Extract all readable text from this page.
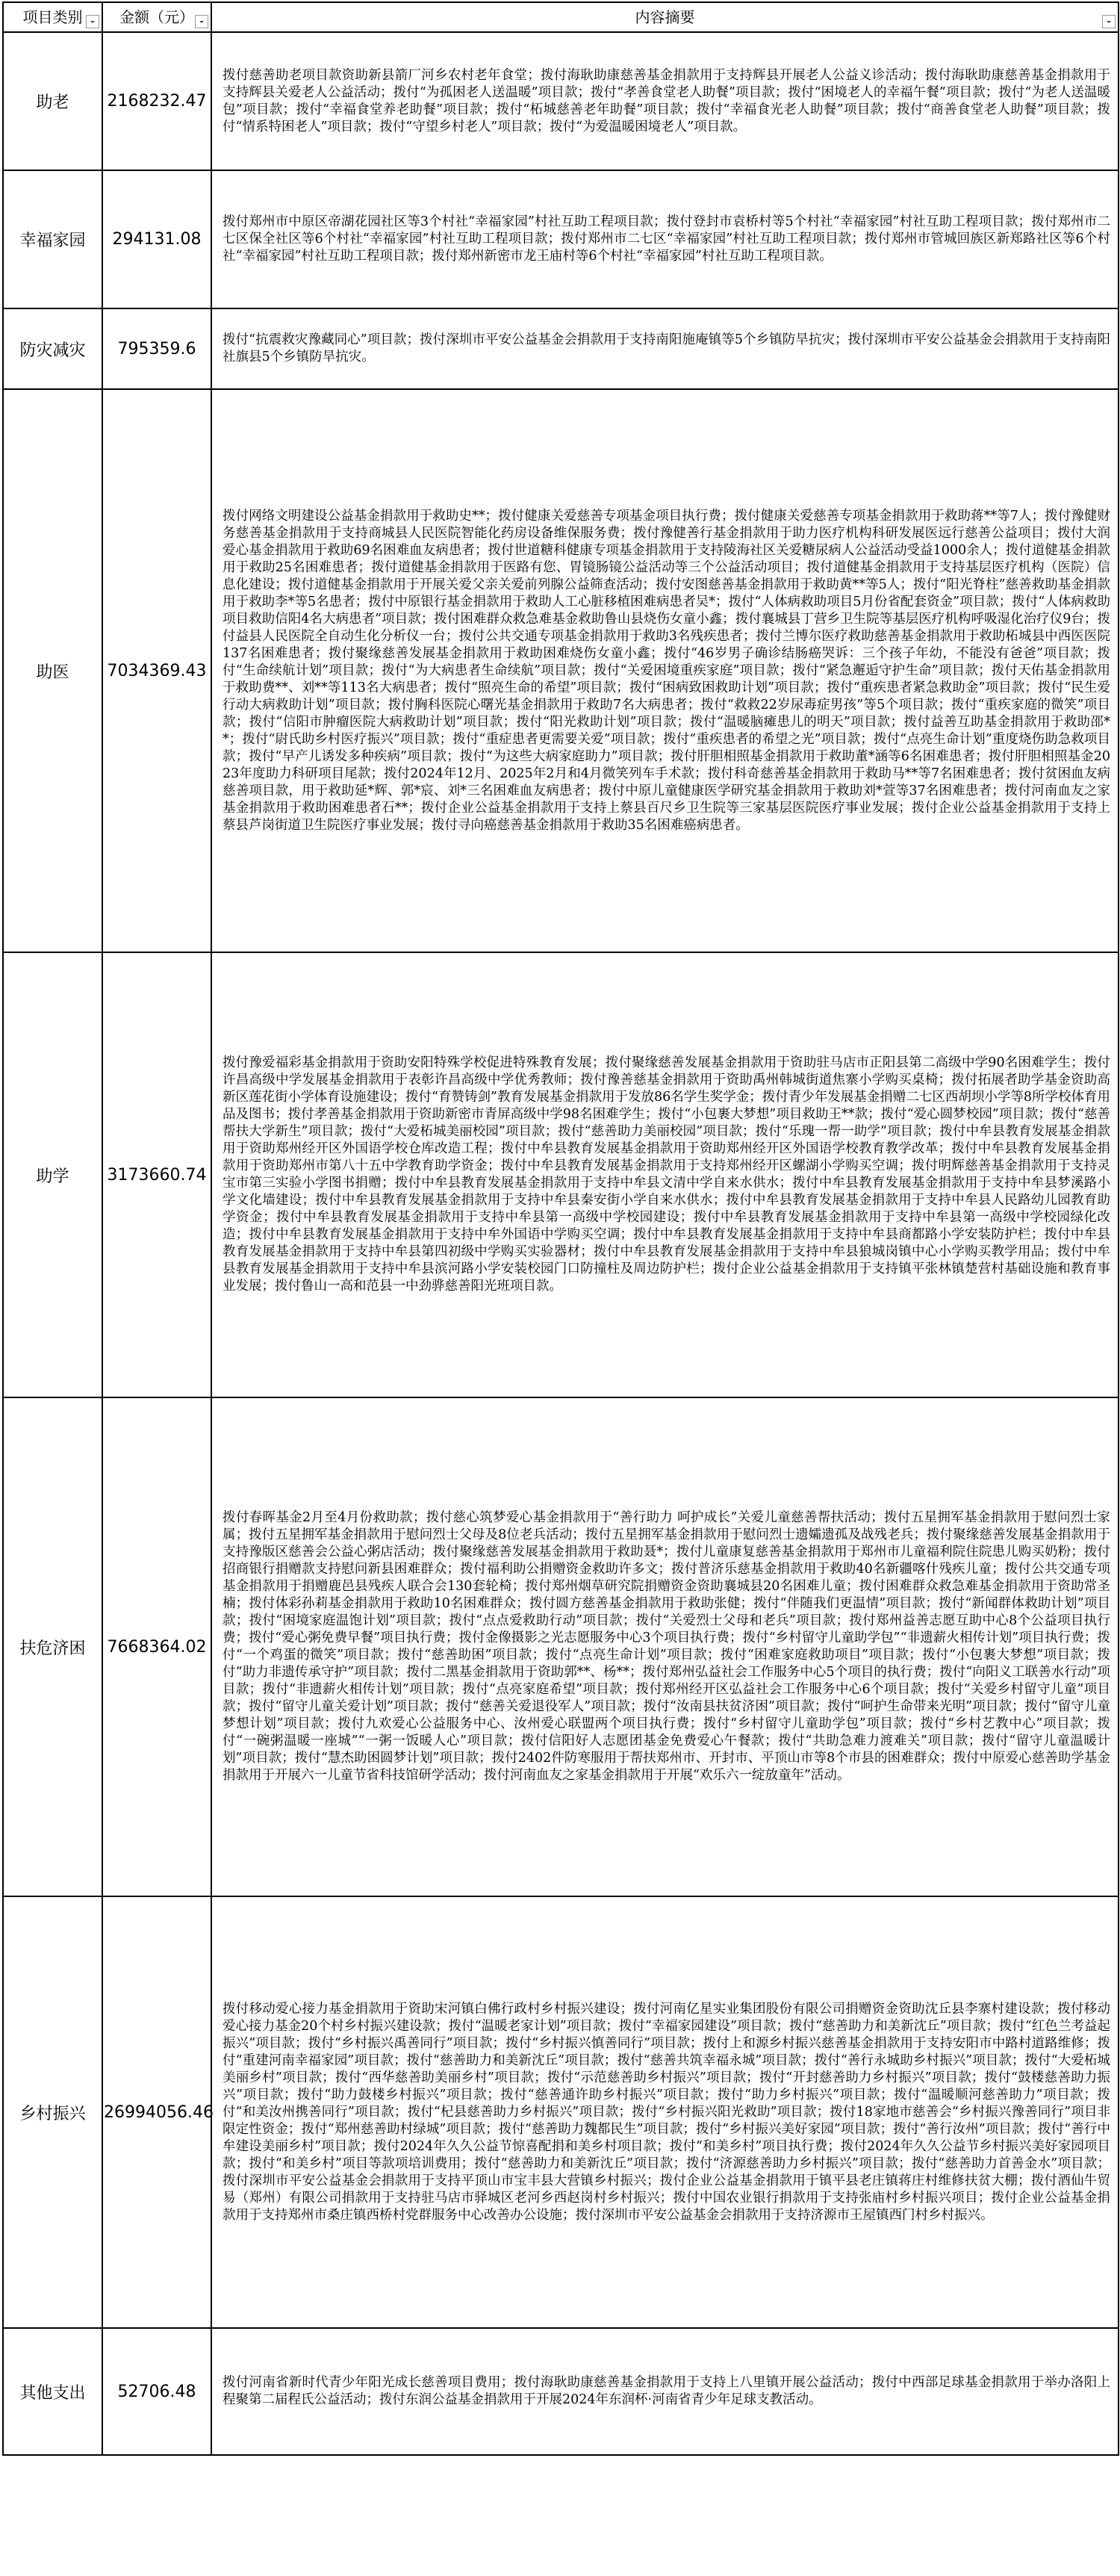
项目类别	金额（元）	内容摘要

助老	2168232.47	拨付慈善助老项目款资助新县箭厂河乡农村老年食堂；拨付海耿助康慈善基金捐款用于支持辉县开展老人公益义诊活动；拨付海耿助康慈善基金捐款用于支持辉县关爱老人公益活动；拨付“为孤困老人送温暖”项目款；拨付“孝善食堂老人助餐”项目款；拨付“困境老人的幸福午餐”项目款；拨付“为老人送温暖包”项目款；拨付“幸福食堂养老助餐”项目款；拨付“柘城慈善老年助餐”项目款；拨付“幸福食光老人助餐”项目款；拨付“商善食堂老人助餐”项目款；拨付“情系特困老人”项目款；拨付“守望乡村老人”项目款；拨付“为爱温暖困境老人”项目款。

幸福家园	294131.08	拨付郑州市中原区帝湖花园社区等3个村社“幸福家园”村社互助工程项目款；拨付登封市袁桥村等5个村社“幸福家园”村社互助工程项目款；拨付郑州市二七区保全社区等6个村社“幸福家园”村社互助工程项目款；拨付郑州市二七区“幸福家园”村社互助工程项目款；拨付郑州市管城回族区新郑路社区等6个村社“幸福家园”村社互助工程项目款；拨付郑州新密市龙王庙村等6个村社“幸福家园”村社互助工程项目款。

防灾减灾	795359.6	拨付“抗震救灾豫藏同心”项目款；拨付深圳市平安公益基金会捐款用于支持南阳施庵镇等5个乡镇防旱抗灾；拨付深圳市平安公益基金会捐款用于支持南阳社旗县5个乡镇防旱抗灾。

助医	7034369.43	拨付网络文明建设公益基金捐款用于救助史**；拨付健康关爱慈善专项基金项目执行费；拨付健康关爱慈善专项基金捐款用于救助蒋**等7人；拨付豫健财务慈善基金捐款用于支持商城县人民医院智能化药房设备维保服务费；拨付豫健善行基金捐款用于助力医疗机构科研发展医远行慈善公益项目；拨付大润爱心基金捐款用于救助69名困难血友病患者；拨付世道糖科健康专项基金捐款用于支持陵海社区关爱糖尿病人公益活动受益1000余人；拨付道健基金捐款用于救助25名困难患者；拨付道健基金捐款用于医路有您、胃镜肠镜公益活动等三个公益活动项目；拨付道健基金捐款用于支持基层医疗机构（医院）信息化建设；拨付道健基金捐款用于开展关爱父亲关爱前列腺公益筛查活动；拨付安图慈善基金捐款用于救助黄**等5人；拨付“阳光脊柱”慈善救助基金捐款用于救助李*等5名患者；拨付中原银行基金捐款用于救助人工心脏移植困难病患者吴*；拨付“人体病救助项目5月份省配套资金”项目款；拨付“人体病救助项目救助信阳4名大病患者”项目款；拨付困难群众救急难基金救助鲁山县烧伤女童小鑫；拨付襄城县丁营乡卫生院等基层医疗机构呼吸湿化治疗仪9台；拨付益县人民医院全自动生化分析仪一台；拨付公共交通专项基金捐款用于救助3名残疾患者；拨付兰博尔医疗救助慈善基金捐款用于救助柘城县中西医医院137名困难患者；拨付聚缘慈善发展基金捐款用于救助困难烧伤女童小鑫；拨付“46岁男子确诊结肠癌哭诉：三个孩子年幼，不能没有爸爸”项目款；拨付“生命续航计划”项目款；拨付“为大病患者生命续航”项目款；拨付“关爱困境重疾家庭”项目款；拨付“紧急邂逅守护生命”项目款；拨付天佑基金捐款用于救助费**、刘**等113名大病患者；拨付“照亮生命的希望”项目款；拨付“困病致困救助计划”项目款；拨付“重疾患者紧急救助金”项目款；拨付“民生爱行动大病救助计划”项目款；拨付胸科医院心曙光基金捐款用于救助7名大病患者；拨付“救救22岁尿毒症男孩”等5个项目款；拨付“重疾家庭的微笑”项目款；拨付“信阳市肿瘤医院大病救助计划”项目款；拨付“阳光救助计划”项目款；拨付“温暖脑瘫患儿的明天”项目款；拨付益善互助基金捐款用于救助邵**；拨付“尉氏助乡村医疗振兴”项目款；拨付“重症患者更需要关爱”项目款；拨付“重疾患者的希望之光”项目款；拨付“点亮生命计划”重度烧伤助急救项目款；拨付“早产儿诱发多种疾病”项目款；拨付“为这些大病家庭助力”项目款；拨付肝胆相照基金捐款用于救助董*涵等6名困难患者；拨付肝胆相照基金2023年度助力科研项目尾款；拨付2024年12月、2025年2月和4月微笑列车手术款；拨付科奇慈善基金捐款用于救助马**等7名困难患者；拨付贫困血友病慈善项目款，用于救助延*辉、郭*宸、刘*三名困难血友病患者；拨付中原儿童健康医学研究基金捐款用于救助刘*萱等37名困难患者；拨付河南血友之家基金捐款用于救助困难患者石**；拨付企业公益基金捐款用于支持上蔡县百尺乡卫生院等三家基层医院医疗事业发展；拨付企业公益基金捐款用于支持上蔡县芦岗街道卫生院医疗事业发展；拨付寻向癌慈善基金捐款用于救助35名困难癌病患者。

助学	3173660.74	拨付豫爱福彩基金捐款用于资助安阳特殊学校促进特殊教育发展；拨付聚缘慈善发展基金捐款用于资助驻马店市正阳县第二高级中学90名困难学生；拨付许昌高级中学发展基金捐款用于表彰许昌高级中学优秀教师；拨付豫善慈基金捐款用于资助禹州韩城街道焦寨小学购买桌椅；拨付拓展者助学基金资助高新区莲花街小学体育设施建设；拨付“育赞铸剑”教育发展基金捐款用于发放86名学生奖学金；拨付青少年发展基金捐赠二七区西胡坝小学等8所学校体育用品及图书；拨付孝善基金捐款用于资助新密市青屏高级中学98名困难学生；拨付“小包裹大梦想”项目救助王**款；拨付“爱心圆梦校园”项目款；拨付“慈善帮扶大学新生”项目款；拨付“大爱柘城美丽校园”项目款；拨付“慈善助力美丽校园”项目款；拨付“乐瑰一帮一助学”项目款；拨付中牟县教育发展基金捐款用于资助郑州经开区外国语学校仓库改造工程；拨付中牟县教育发展基金捐款用于资助郑州经开区外国语学校教育教学改革；拨付中牟县教育发展基金捐款用于资助郑州市第八十五中学教育助学资金；拨付中牟县教育发展基金捐款用于支持郑州经开区螺湖小学购买空调；拨付明辉慈善基金捐款用于支持灵宝市第三实验小学图书捐赠；拨付中牟县教育发展基金捐款用于支持中牟县文清中学自来水供水；拨付中牟县教育发展基金捐款用于支持中牟县梦溪路小学文化墙建设；拨付中牟县教育发展基金捐款用于支持中牟县秦安街小学自来水供水；拨付中牟县教育发展基金捐款用于支持中牟县人民路幼儿园教育助学资金；拨付中牟县教育发展基金捐款用于支持中牟县第一高级中学校园建设；拨付中牟县教育发展基金捐款用于支持中牟县第一高级中学校园绿化改造；拨付中牟县教育发展基金捐款用于支持中牟外国语中学购买空调；拨付中牟县教育发展基金捐款用于支持中牟县商都路小学安装防护栏；拨付中牟县教育发展基金捐款用于支持中牟县第四初级中学购买实验器材；拨付中牟县教育发展基金捐款用于支持中牟县狼城岗镇中心小学购买教学用品；拨付中牟县教育发展基金捐款用于支持中牟县滨河路小学安装校园门口防撞柱及周边防护栏；拨付企业公益基金捐款用于支持镇平张林镇楚营村基础设施和教育事业发展；拨付鲁山一高和范县一中劲骅慈善阳光班项目款。

扶危济困	7668364.02	拨付春晖基金2月至4月份救助款；拨付慈心筑梦爱心基金捐款用于“善行助力 呵护成长”关爱儿童慈善帮扶活动；拨付五星拥军基金捐款用于慰问烈士家属；拨付五星拥军基金捐款用于慰问烈士父母及8位老兵活动；拨付五星拥军基金捐款用于慰问烈士遗孀遗孤及战残老兵；拨付聚缘慈善发展基金捐款用于支持豫版区慈善会公益心粥店活动；拨付聚缘慈善发展基金捐款用于救助聂*；拨付儿童康复慈善基金捐款用于郑州市儿童福利院住院患儿购买奶粉；拨付招商银行捐赠款支持慰问新县困难群众；拨付福利助公捐赠资金救助许多文；拨付普济乐慈基金捐款用于救助40名新疆喀什残疾儿童；拨付公共交通专项基金捐款用于捐赠鹿邑县残疾人联合会130套轮椅；拨付郑州烟草研究院捐赠资金资助襄城县20名困难儿童；拨付困难群众救急难基金捐款用于资助常圣楠；拨付体彩孙莉基金捐款用于救助10名困难群众；拨付圆方慈善基金捐款用于救助张健；拨付“伴随我们更温情”项目款；拨付“新闻群体救助计划”项目款；拨付“困境家庭温饱计划”项目款；拨付“点点爱救助行动”项目款；拨付“关爱烈士父母和老兵”项目款；拨付郑州益善志愿互助中心8个公益项目执行费；拨付“爱心粥免费早餐”项目执行费；拨付金像摄影之光志愿服务中心3个项目执行费；拨付“乡村留守儿童助学包”“非遗薪火相传计划”项目执行费；拨付“一个鸡蛋的微笑”项目款；拨付“慈善助困”项目款；拨付“点亮生命计划”项目款；拨付“困难家庭救助项目”项目款；拨付“小包裹大梦想”项目款；拨付“助力非遗传承守护”项目款；拨付二黑基金捐款用于资助郭**、杨**；拨付郑州弘益社会工作服务中心5个项目的执行费；拨付“向阳义工联善水行动”项目款；拨付“非遗薪火相传计划”项目款；拨付“点亮家庭希望”项目款；拨付郑州经开区弘益社会工作服务中心6个项目款；拨付“关爱乡村留守儿童”项目款；拨付“留守儿童关爱计划”项目款；拨付“慈善关爱退役军人”项目款；拨付“汝南县扶贫济困”项目款；拨付“呵护生命带来光明”项目款；拨付“留守儿童梦想计划”项目款；拨付九欢爱心公益服务中心、汝州爱心联盟两个项目执行费；拨付“乡村留守儿童助学包”项目款；拨付“乡村艺教中心”项目款；拨付“一碗粥温暖一座城”“一粥一饭暖人心”项目款；拨付信阳好人志愿团基金免费爱心午餐款；拨付“共助急难力渡难关”项目款；拨付“留守儿童温暖计划”项目款；拨付“慧杰助困圆梦计划”项目款；拨付2402件防寒服用于帮扶郑州市、开封市、平顶山市等8个市县的困难群众；拨付中原爱心慈善助学基金捐款用于开展六一儿童节省科技馆研学活动；拨付河南血友之家基金捐款用于开展“欢乐六一绽放童年”活动。

乡村振兴	26994056.46	拨付移动爱心接力基金捐款用于资助宋河镇白佛行政村乡村振兴建设；拨付河南亿星实业集团股份有限公司捐赠资金资助沈丘县李寨村建设款；拨付移动爱心接力基金20个村乡村振兴建设款；拨付“温暖老家计划”项目款；拨付“幸福家园建设”项目款；拨付“慈善助力和美新沈丘”项目款；拨付“红色兰考益起振兴”项目款；拨付“乡村振兴禹善同行”项目款；拨付“乡村振兴慎善同行”项目款；拨付上和源乡村振兴慈善基金捐款用于支持安阳市中路村道路维修；拨付“重建河南幸福家园”项目款；拨付“慈善助力和美新沈丘”项目款；拨付“慈善共筑幸福永城”项目款；拨付“善行永城助乡村振兴”项目款；拨付“大爱柘城美丽乡村”项目款；拨付“西华慈善助美丽乡村”项目款；拨付“示范慈善助乡村振兴”项目款；拨付“开封慈善助力乡村振兴”项目款；拨付“鼓楼慈善助力振兴”项目款；拨付“助力鼓楼乡村振兴”项目款；拨付“慈善通许助乡村振兴”项目款；拨付“助力乡村振兴”项目款；拨付“温暖顺河慈善助力”项目款；拨付“和美汝州携善同行”项目款；拨付“杞县慈善助力乡村振兴”项目款；拨付“乡村振兴阳光救助”项目款；拨付18家地市慈善会“乡村振兴豫善同行”项目非限定性资金；拨付“郑州慈善助村绿城”项目款；拨付“慈善助力魏都民生”项目款；拨付“乡村振兴美好家园”项目款；拨付“善行汝州”项目款；拨付“善行中牟建设美丽乡村”项目款；拨付2024年久久公益节惊喜配捐和美乡村项目款；拨付“和美乡村”项目执行费；拨付2024年久久公益节乡村振兴美好家园项目款；拨付“和美乡村”项目等款项培训费用；拨付“慈善助力和美新沈丘”项目款；拨付“济源慈善助力乡村振兴”项目款；拨付“慈善助力首善金水”项目款；拨付深圳市平安公益基金会捐款用于支持平顶山市宝丰县大营镇乡村振兴；拨付企业公益基金捐款用于镇平县老庄镇蒋庄村维修扶贫大棚；拨付酒仙牛贸易（郑州）有限公司捐款用于支持驻马店市驿城区老河乡西赵岗村乡村振兴；拨付中国农业银行捐款用于支持张庙村乡村振兴项目；拨付企业公益基金捐款用于支持郑州市桑庄镇西桥村党群服务中心改善办公设施；拨付深圳市平安公益基金会捐款用于支持济源市王屋镇西门村乡村振兴。

其他支出	52706.48	拨付河南省新时代青少年阳光成长慈善项目费用；拨付海耿助康慈善基金捐款用于支持上八里镇开展公益活动；拨付中西部足球基金捐款用于举办洛阳上程聚第二届程氏公益活动；拨付东润公益基金捐款用于开展2024年东润杯·河南省青少年足球支教活动。
